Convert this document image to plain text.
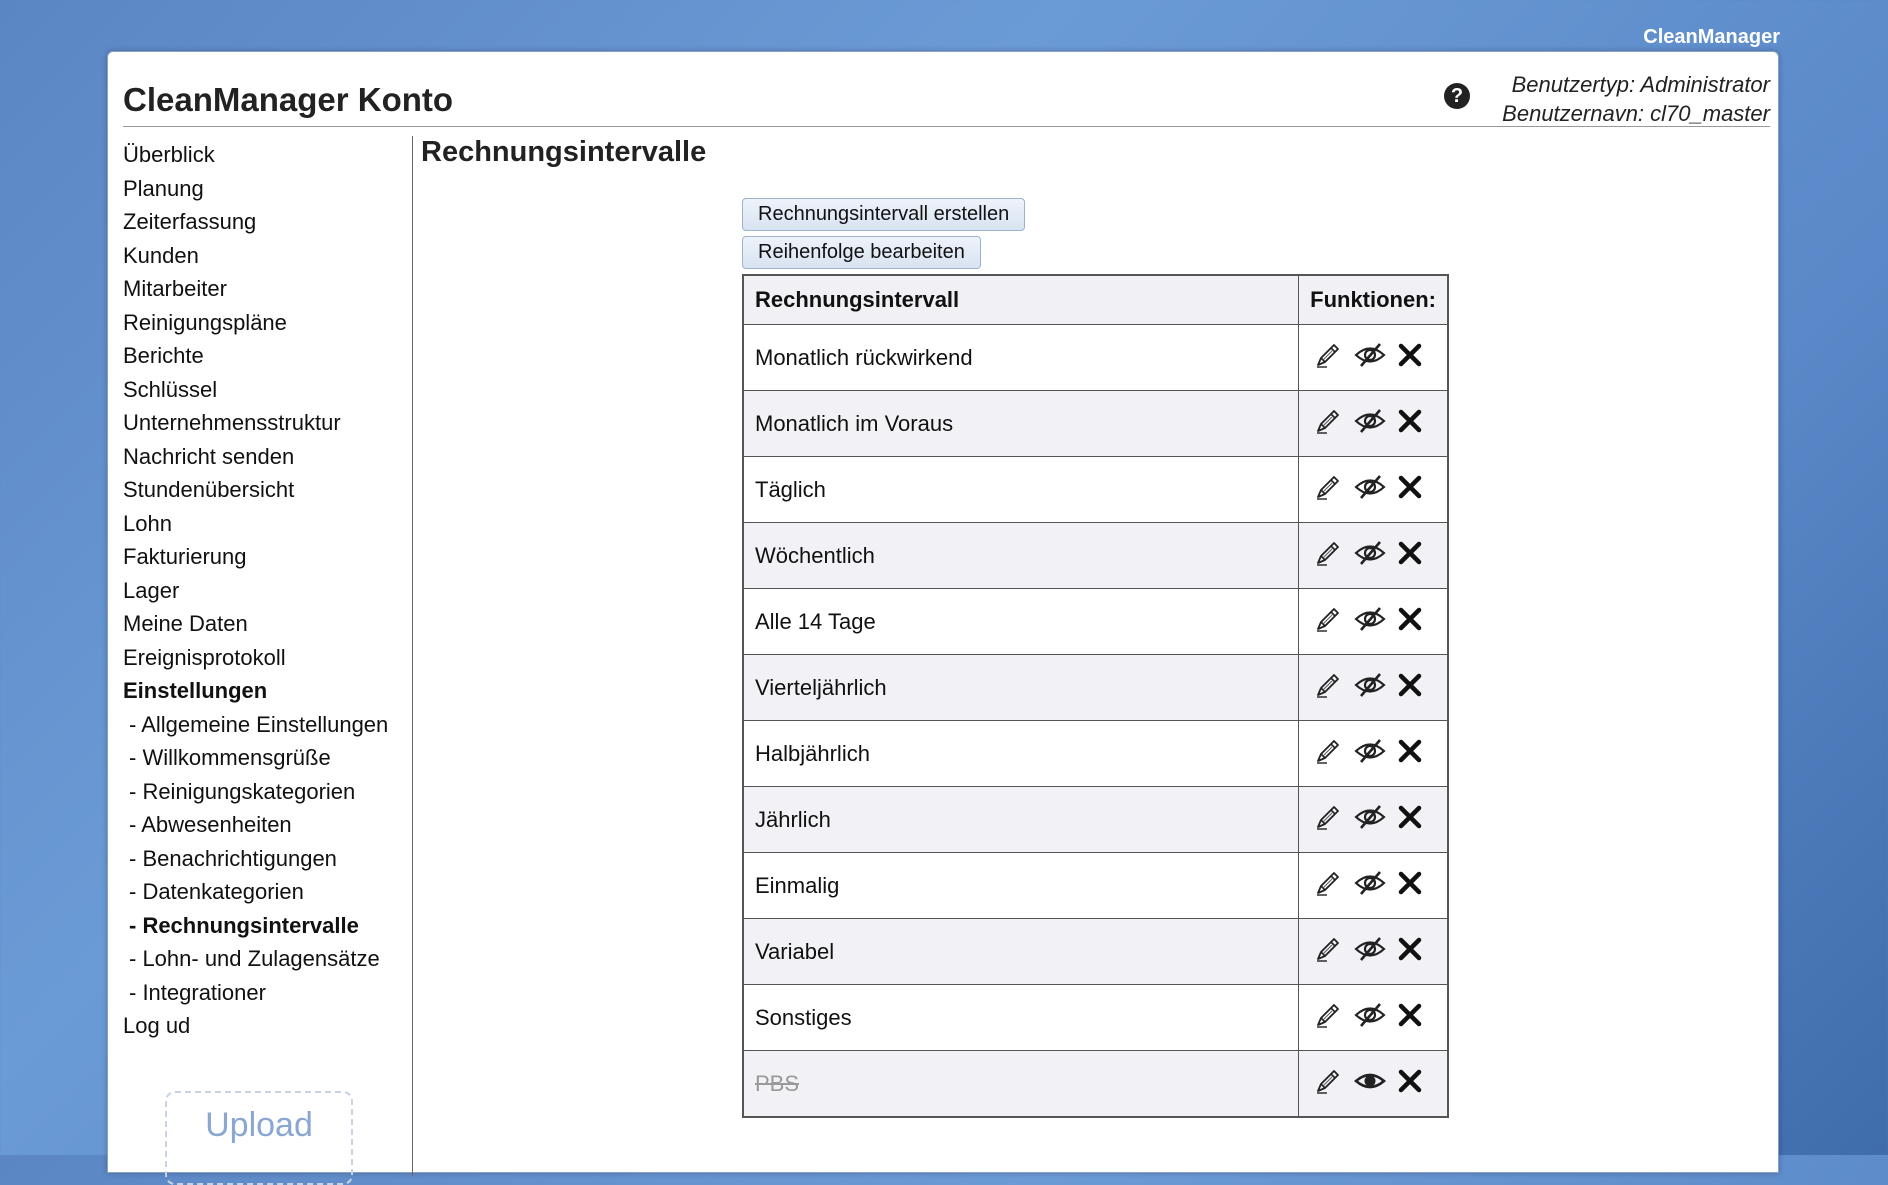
CleanManager
CleanManager Konto	?	Benutzertyp: Administrator
Benutzernavn: cl70_master
Überblick
Planung
Zeiterfassung
Kunden
Mitarbeiter
Reinigungspläne
Berichte
Schlüssel
Unternehmensstruktur
Nachricht senden
Stundenübersicht
Lohn
Fakturierung
Lager
Meine Daten
Ereignisprotokoll
Einstellungen
- Allgemeine Einstellungen
- Willkommensgrüße
- Reinigungskategorien
- Abwesenheiten
- Benachrichtigungen
- Datenkategorien
- Rechnungsintervalle
- Lohn- und Zulagensätze
- Integrationer
Log ud
Upload
Rechnungsintervalle
Rechnungsintervall erstellen
Reihenfolge bearbeiten
Rechnungsintervall	Funktionen:
Monatlich rückwirkend	
Monatlich im Voraus	
Täglich	
Wöchentlich	
Alle 14 Tage	
Vierteljährlich	
Halbjährlich	
Jährlich	
Einmalig	
Variabel	
Sonstiges	
PBS	
